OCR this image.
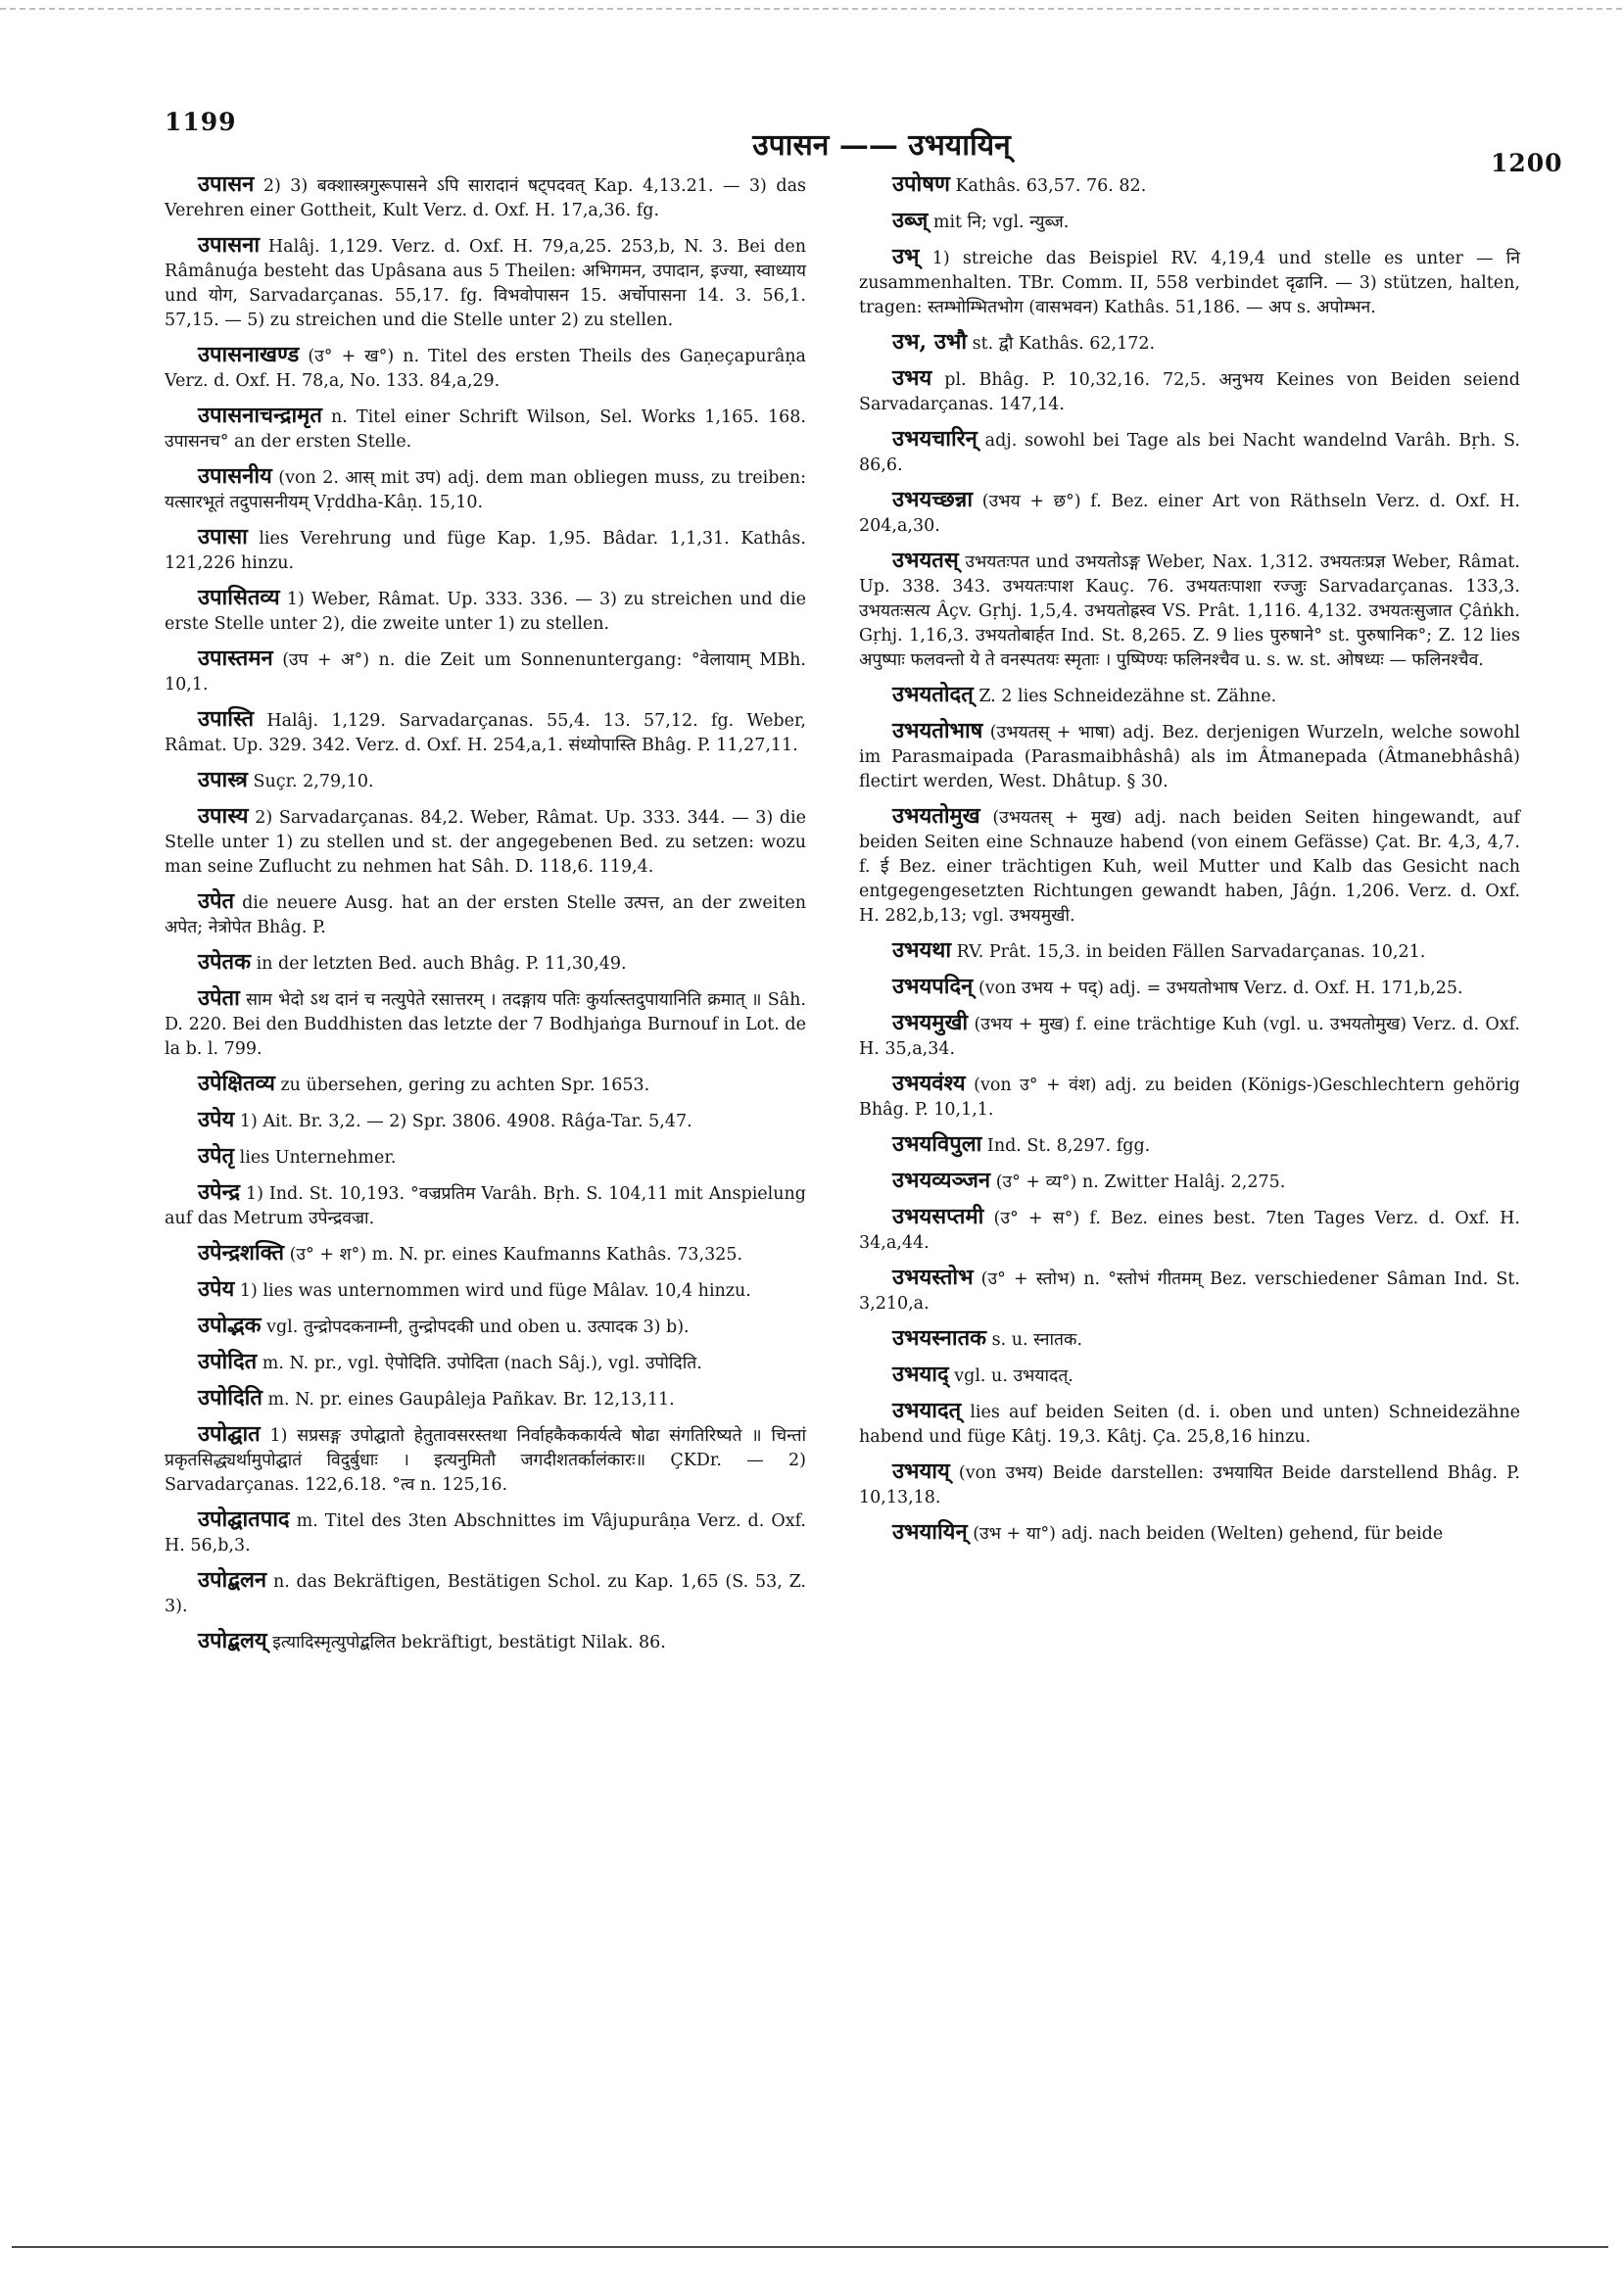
1199
उपासन —— उभयायिन्
1200

उपासन 2) 3) बक्शास्त्रगुरूपासने ऽपि सारादानं षट्पदवत् Kap. 4,13.21. — 3) das Verehren einer Gottheit, Kult Verz. d. Oxf. H. 17,a,36. fg.

उपासना Halâj. 1,129. Verz. d. Oxf. H. 79,a,25. 253,b, N. 3. Bei den Râmânuǵa besteht das Upâsana aus 5 Theilen: अभिगमन, उपादान, इज्या, स्वाध्याय und योग, Sarvadarçanas. 55,17. fg. विभवोपासन 15. अर्चोपासना 14. 3. 56,1. 57,15. — 5) zu streichen und die Stelle unter 2) zu stellen.

उपासनाखण्ड (उ° + ख°) n. Titel des ersten Theils des Gaṇeçapurâṇa Verz. d. Oxf. H. 78,a, No. 133. 84,a,29.

उपासनाचन्द्रामृत n. Titel einer Schrift Wilson, Sel. Works 1,165. 168. उपासनच° an der ersten Stelle.

उपासनीय (von 2. आस् mit उप) adj. dem man obliegen muss, zu treiben: यत्सारभूतं तदुपासनीयम् Vṛddha-Kâṇ. 15,10.

उपासा lies Verehrung und füge Kap. 1,95. Bâdar. 1,1,31. Kathâs. 121,226 hinzu.

उपासितव्य 1) Weber, Râmat. Up. 333. 336. — 3) zu streichen und die erste Stelle unter 2), die zweite unter 1) zu stellen.

उपास्तमन (उप + अ°) n. die Zeit um Sonnenuntergang: °वेलायाम् MBh. 10,1.

उपास्ति Halâj. 1,129. Sarvadarçanas. 55,4. 13. 57,12. fg. Weber, Râmat. Up. 329. 342. Verz. d. Oxf. H. 254,a,1. संध्योपास्ति Bhâg. P. 11,27,11.

उपास्त्र Suçr. 2,79,10.

उपास्य 2) Sarvadarçanas. 84,2. Weber, Râmat. Up. 333. 344. — 3) die Stelle unter 1) zu stellen und st. der angegebenen Bed. zu setzen: wozu man seine Zuflucht zu nehmen hat Sâh. D. 118,6. 119,4.

उपेत die neuere Ausg. hat an der ersten Stelle उत्पत्त, an der zweiten अपेत; नेत्रोपेत Bhâg. P.

उपेतक in der letzten Bed. auch Bhâg. P. 11,30,49.

उपेता साम भेदो ऽथ दानं च नत्युपेते रसात्तरम् । तदङ्गाय पतिः कुर्यात्स्तदुपायानिति क्रमात् ॥ Sâh. D. 220. Bei den Buddhisten das letzte der 7 Bodhjaṅga Burnouf in Lot. de la b. l. 799.

उपेक्षितव्य zu übersehen, gering zu achten Spr. 1653.

उपेय 1) Ait. Br. 3,2. — 2) Spr. 3806. 4908. Râǵa-Tar. 5,47.

उपेतृ lies Unternehmer.

उपेन्द्र 1) Ind. St. 10,193. °वज्रप्रतिम Varâh. Bṛh. S. 104,11 mit Anspielung auf das Metrum उपेन्द्रवज्रा.

उपेन्द्रशक्ति (उ° + श°) m. N. pr. eines Kaufmanns Kathâs. 73,325.

उपेय 1) lies was unternommen wird und füge Mâlav. 10,4 hinzu.

उपोद्भक vgl. तुन्द्रोपदकनाम्नी, तुन्द्रोपदकी und oben u. उत्पादक 3) b).

उपोदित m. N. pr., vgl. ऐपोदिति. उपोदिता (nach Sâj.), vgl. उपोदिति.

उपोदिति m. N. pr. eines Gaupâleja Pañkav. Br. 12,13,11.

उपोद्घात 1) सप्रसङ्ग उपोद्घातो हेतुतावसरस्तथा निर्वाहकैककार्यत्वे षोढा संगतिरिष्यते ॥ चिन्तां प्रकृतसिद्ध्यर्थामुपोद्घातं विदुर्बुधाः । इत्यनुमितौ जगदीशतर्कालंकारः॥ ÇKDr. — 2) Sarvadarçanas. 122,6.18. °त्व n. 125,16.

उपोद्घातपाद m. Titel des 3ten Abschnittes im Vâjupurâṇa Verz. d. Oxf. H. 56,b,3.

उपोद्बलन n. das Bekräftigen, Bestätigen Schol. zu Kap. 1,65 (S. 53, Z. 3).

उपोद्बलय् इत्यादिस्मृत्युपोद्बलित bekräftigt, bestätigt Nilak. 86.

उपोषण Kathâs. 63,57. 76. 82.

उब्ज् mit नि; vgl. न्युब्ज.

उभ् 1) streiche das Beispiel RV. 4,19,4 und stelle es unter — नि zusammenhalten. TBr. Comm. II, 558 verbindet दृढानि. — 3) stützen, halten, tragen: स्तम्भोम्भितभोग (वासभवन) Kathâs. 51,186. — अप s. अपोम्भन.

उभ, उभौ st. द्वौ Kathâs. 62,172.

उभय pl. Bhâg. P. 10,32,16. 72,5. अनुभय Keines von Beiden seiend Sarvadarçanas. 147,14.

उभयचारिन् adj. sowohl bei Tage als bei Nacht wandelnd Varâh. Bṛh. S. 86,6.

उभयच्छन्ना (उभय + छ°) f. Bez. einer Art von Räthseln Verz. d. Oxf. H. 204,a,30.

उभयतस् उभयतःपत und उभयतोऽङ्ग Weber, Nax. 1,312. उभयतःप्रज्ञ Weber, Râmat. Up. 338. 343. उभयतःपाश Kauç. 76. उभयतःपाशा रज्जुः Sarvadarçanas. 133,3. उभयतःसत्य Âçv. Gṛhj. 1,5,4. उभयतोह्रस्व VS. Prât. 1,116. 4,132. उभयतःसुजात Çâṅkh. Gṛhj. 1,16,3. उभयतोबार्हत Ind. St. 8,265. Z. 9 lies पुरुषाने° st. पुरुषानिक°; Z. 12 lies अपुष्पाः फलवन्तो ये ते वनस्पतयः स्मृताः । पुष्पिण्यः फलिनश्चैव u. s. w. st. ओषध्यः — फलिनश्चैव.

उभयतोदत् Z. 2 lies Schneidezähne st. Zähne.

उभयतोभाष (उभयतस् + भाषा) adj. Bez. derjenigen Wurzeln, welche sowohl im Parasmaipada (Parasmaibhâshâ) als im Âtmanepada (Âtmanebhâshâ) flectirt werden, West. Dhâtup. § 30.

उभयतोमुख (उभयतस् + मुख) adj. nach beiden Seiten hingewandt, auf beiden Seiten eine Schnauze habend (von einem Gefässe) Çat. Br. 4,3, 4,7. f. ई Bez. einer trächtigen Kuh, weil Mutter und Kalb das Gesicht nach entgegengesetzten Richtungen gewandt haben, Jâǵn. 1,206. Verz. d. Oxf. H. 282,b,13; vgl. उभयमुखी.

उभयथा RV. Prât. 15,3. in beiden Fällen Sarvadarçanas. 10,21.

उभयपदिन् (von उभय + पद्) adj. = उभयतोभाष Verz. d. Oxf. H. 171,b,25.

उभयमुखी (उभय + मुख) f. eine trächtige Kuh (vgl. u. उभयतोमुख) Verz. d. Oxf. H. 35,a,34.

उभयवंश्य (von उ° + वंश) adj. zu beiden (Königs-)Geschlechtern gehörig Bhâg. P. 10,1,1.

उभयविपुला Ind. St. 8,297. fgg.

उभयव्यञ्जन (उ° + व्य°) n. Zwitter Halâj. 2,275.

उभयसप्तमी (उ° + स°) f. Bez. eines best. 7ten Tages Verz. d. Oxf. H. 34,a,44.

उभयस्तोभ (उ° + स्तोभ) n. °स्तोभं गीतमम् Bez. verschiedener Sâman Ind. St. 3,210,a.

उभयस्नातक s. u. स्नातक.

उभयाद् vgl. u. उभयादत्.

उभयादत् lies auf beiden Seiten (d. i. oben und unten) Schneidezähne habend und füge Kâtj. 19,3. Kâtj. Ça. 25,8,16 hinzu.

उभयाय् (von उभय) Beide darstellen: उभयायित Beide darstellend Bhâg. P. 10,13,18.

उभयायिन् (उभ + या°) adj. nach beiden (Welten) gehend, für beide
